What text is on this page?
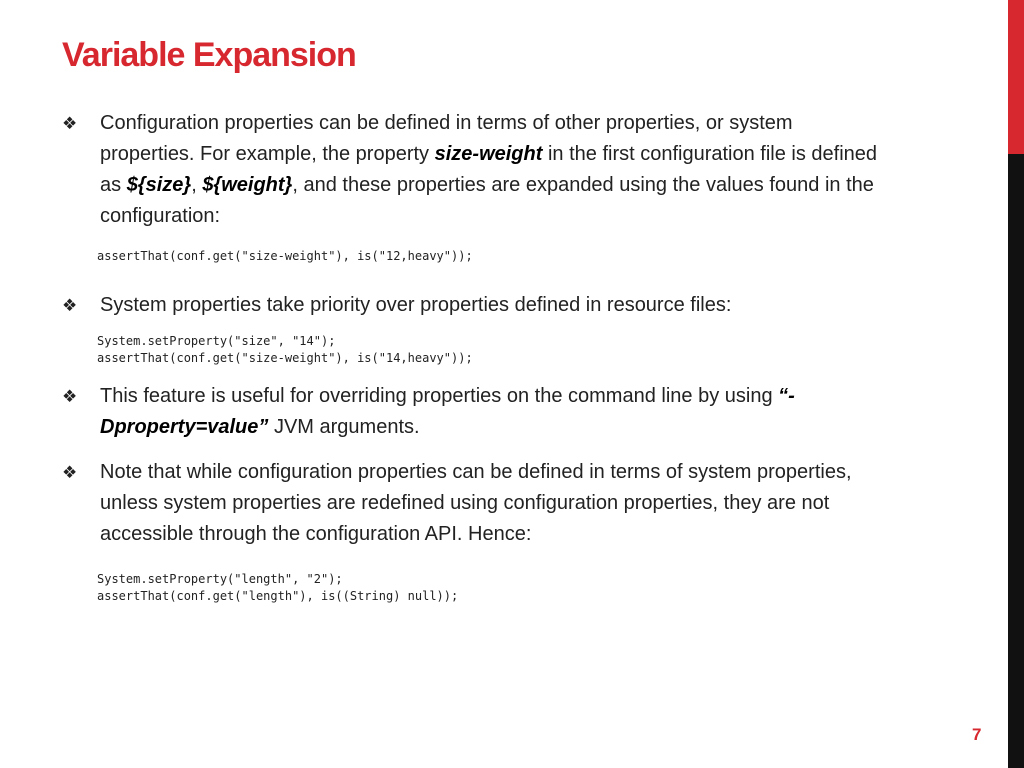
Variable Expansion
❖	Configuration properties can be defined in terms of other properties, or system properties. For example, the property size-weight in the first configuration file is defined as ${size}, ${weight}, and these properties are expanded using the values found in the configuration:
assertThat(conf.get("size-weight"), is("12,heavy"));
❖	System properties take priority over properties defined in resource files:
System.setProperty("size", "14");
assertThat(conf.get("size-weight"), is("14,heavy"));
❖	This feature is useful for overriding properties on the command line by using “-Dproperty=value” JVM arguments.
❖	Note that while configuration properties can be defined in terms of system properties, unless system properties are redefined using configuration properties, they are not accessible through the configuration API. Hence:
System.setProperty("length", "2");
assertThat(conf.get("length"), is((String) null));
7
